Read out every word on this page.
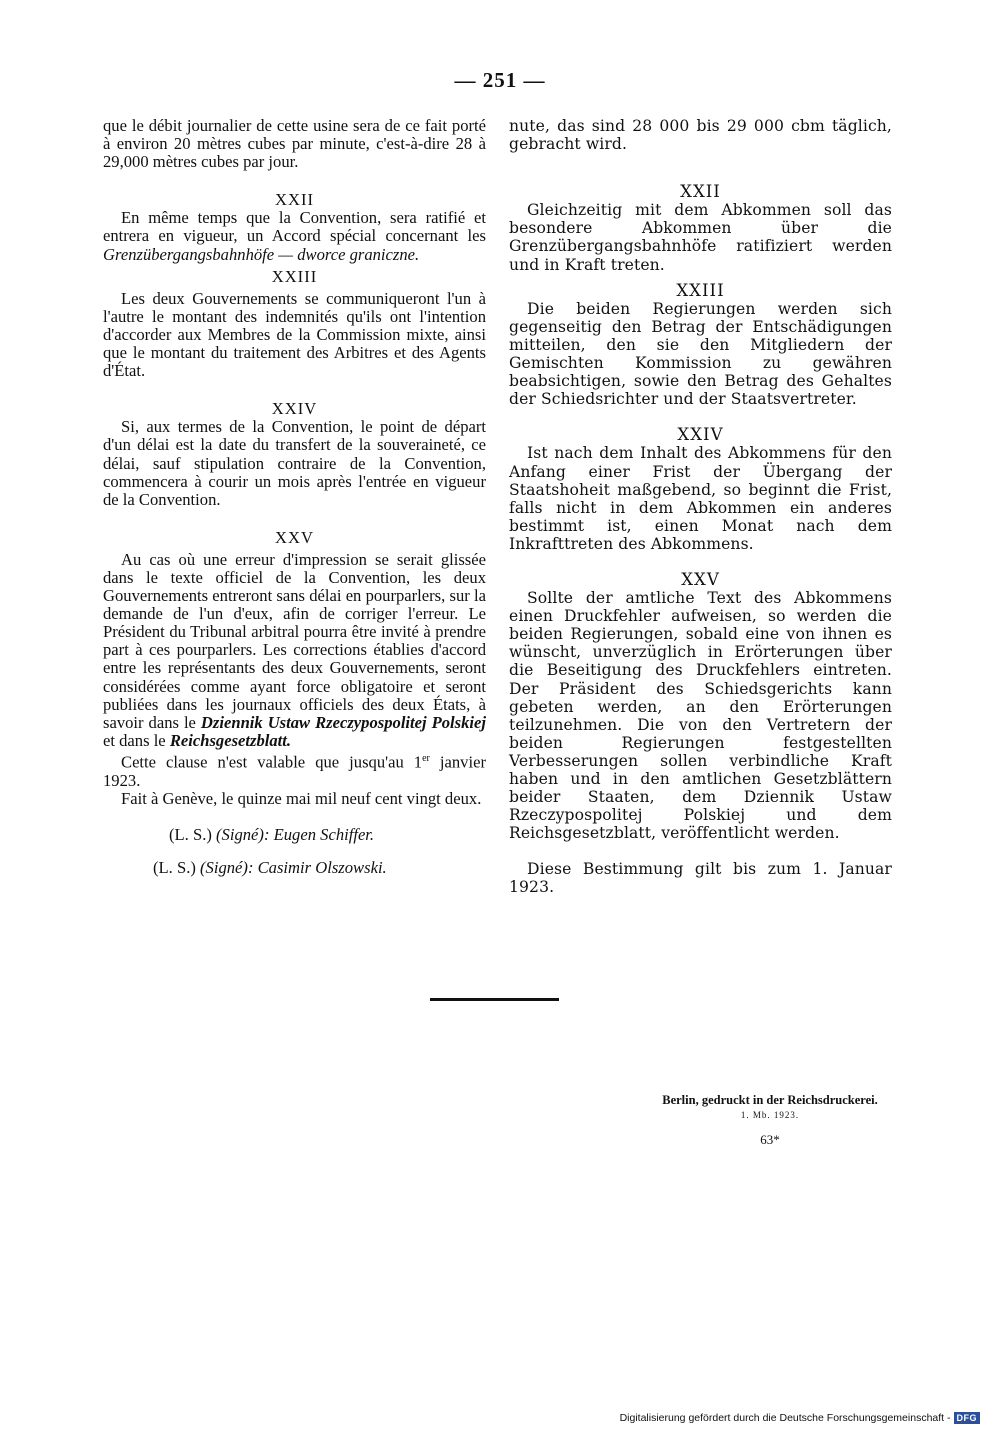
— 251 —

que le débit journalier de cette usine sera de ce fait porté à environ 20 mètres cubes par minute, c'est-à-dire 28 à 29,000 mètres cubes par jour.

XXII

En même temps que la Convention, sera ratifié et entrera en vigueur, un Accord spécial concernant les Grenzübergangsbahnhöfe — dworce graniczne.

XXIII

Les deux Gouvernements se communiqueront l'un à l'autre le montant des indemnités qu'ils ont l'intention d'accorder aux Membres de la Commission mixte, ainsi que le montant du traitement des Arbitres et des Agents d'État.

XXIV

Si, aux termes de la Convention, le point de départ d'un délai est la date du transfert de la souveraineté, ce délai, sauf stipulation contraire de la Convention, commencera à courir un mois après l'entrée en vigueur de la Convention.

XXV

Au cas où une erreur d'impression se serait glissée dans le texte officiel de la Convention, les deux Gouvernements entreront sans délai en pourparlers, sur la demande de l'un d'eux, afin de corriger l'erreur. Le Président du Tribunal arbitral pourra être invité à prendre part à ces pourparlers. Les corrections établies d'accord entre les représentants des deux Gouvernements, seront considérées comme ayant force obligatoire et seront publiées dans les journaux officiels des deux États, à savoir dans le Dziennik Ustaw Rzeczypospolitej Polskiej et dans le Reichsgesetzblatt.

Cette clause n'est valable que jusqu'au 1er janvier 1923.

Fait à Genève, le quinze mai mil neuf cent vingt deux.

(L. S.) (Signé): Eugen Schiffer.
(L. S.) (Signé): Casimir Olszowski.

nute, das sind 28 000 bis 29 000 cbm täglich, gebracht wird.

XXII

Gleichzeitig mit dem Abkommen soll das besondere Abkommen über die Grenzübergangsbahnhöfe ratifiziert werden und in Kraft treten.

XXIII

Die beiden Regierungen werden sich gegenseitig den Betrag der Entschädigungen mitteilen, den sie den Mitgliedern der Gemischten Kommission zu gewähren beabsichtigen, sowie den Betrag des Gehaltes der Schiedsrichter und der Staatsvertreter.

XXIV

Ist nach dem Inhalt des Abkommens für den Anfang einer Frist der Übergang der Staatshoheit maßgebend, so beginnt die Frist, falls nicht in dem Abkommen ein anderes bestimmt ist, einen Monat nach dem Inkrafttreten des Abkommens.

XXV

Sollte der amtliche Text des Abkommens einen Druckfehler aufweisen, so werden die beiden Regierungen, sobald eine von ihnen es wünscht, unverzüglich in Erörterungen über die Beseitigung des Druckfehlers eintreten. Der Präsident des Schiedsgerichts kann gebeten werden, an den Erörterungen teilzunehmen. Die von den Vertretern der beiden Regierungen festgestellten Verbesserungen sollen verbindliche Kraft haben und in den amtlichen Gesetzblättern beider Staaten, dem Dziennik Ustaw Rzeczypospolitej Polskiej und dem Reichsgesetzblatt, veröffentlicht werden.

Diese Bestimmung gilt bis zum 1. Januar 1923.

Berlin, gedruckt in der Reichsdruckerei.
1. Mb. 1923.
63*
Digitalisierung gefördert durch die Deutsche Forschungsgemeinschaft - DFG
